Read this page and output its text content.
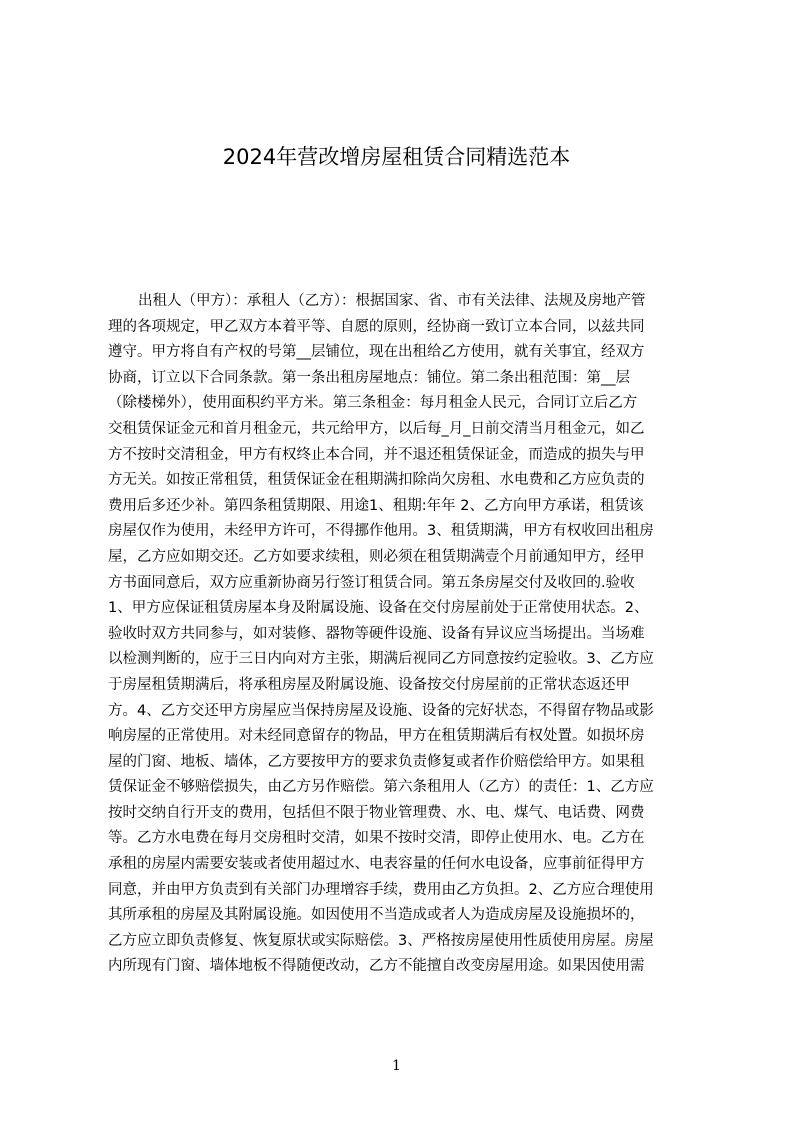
2024年营改增房屋租赁合同精选范本
出租人（甲方）：承租人（乙方）：根据国家、省、市有关法律、法规及房地产管
理的各项规定，甲乙双方本着平等、自愿的原则，经协商一致订立本合同，以兹共同
遵守。甲方将自有产权的号第__层铺位，现在出租给乙方使用，就有关事宜，经双方
协商，订立以下合同条款。第一条出租房屋地点：铺位。第二条出租范围：第__层
（除楼梯外），使用面积约平方米。第三条租金：每月租金人民元，合同订立后乙方
交租赁保证金元和首月租金元，共元给甲方，以后每_月_日前交清当月租金元，如乙
方不按时交清租金，甲方有权终止本合同，并不退还租赁保证金，而造成的损失与甲
方无关。如按正常租赁，租赁保证金在租期满扣除尚欠房租、水电费和乙方应负责的
费用后多还少补。第四条租赁期限、用途1、租期:年年 2、乙方向甲方承诺，租赁该
房屋仅作为使用，未经甲方许可，不得挪作他用。3、租赁期满，甲方有权收回出租房
屋，乙方应如期交还。乙方如要求续租，则必须在租赁期满壹个月前通知甲方，经甲
方书面同意后，双方应重新协商另行签订租赁合同。第五条房屋交付及收回的.验收
1、甲方应保证租赁房屋本身及附属设施、设备在交付房屋前处于正常使用状态。2、
验收时双方共同参与，如对装修、器物等硬件设施、设备有异议应当场提出。当场难
以检测判断的，应于三日内向对方主张，期满后视同乙方同意按约定验收。3、乙方应
于房屋租赁期满后，将承租房屋及附属设施、设备按交付房屋前的正常状态返还甲
方。4、乙方交还甲方房屋应当保持房屋及设施、设备的完好状态，不得留存物品或影
响房屋的正常使用。对未经同意留存的物品，甲方在租赁期满后有权处置。如损坏房
屋的门窗、地板、墙体，乙方要按甲方的要求负责修复或者作价赔偿给甲方。如果租
赁保证金不够赔偿损失，由乙方另作赔偿。第六条租用人（乙方）的责任：1、乙方应
按时交纳自行开支的费用，包括但不限于物业管理费、水、电、煤气、电话费、网费
等。乙方水电费在每月交房租时交清，如果不按时交清，即停止使用水、电。乙方在
承租的房屋内需要安装或者使用超过水、电表容量的任何水电设备，应事前征得甲方
同意，并由甲方负责到有关部门办理增容手续，费用由乙方负担。2、乙方应合理使用
其所承租的房屋及其附属设施。如因使用不当造成或者人为造成房屋及设施损坏的，
乙方应立即负责修复、恢复原状或实际赔偿。3、严格按房屋使用性质使用房屋。房屋
内所现有门窗、墙体地板不得随便改动，乙方不能擅自改变房屋用途。如果因使用需
1
